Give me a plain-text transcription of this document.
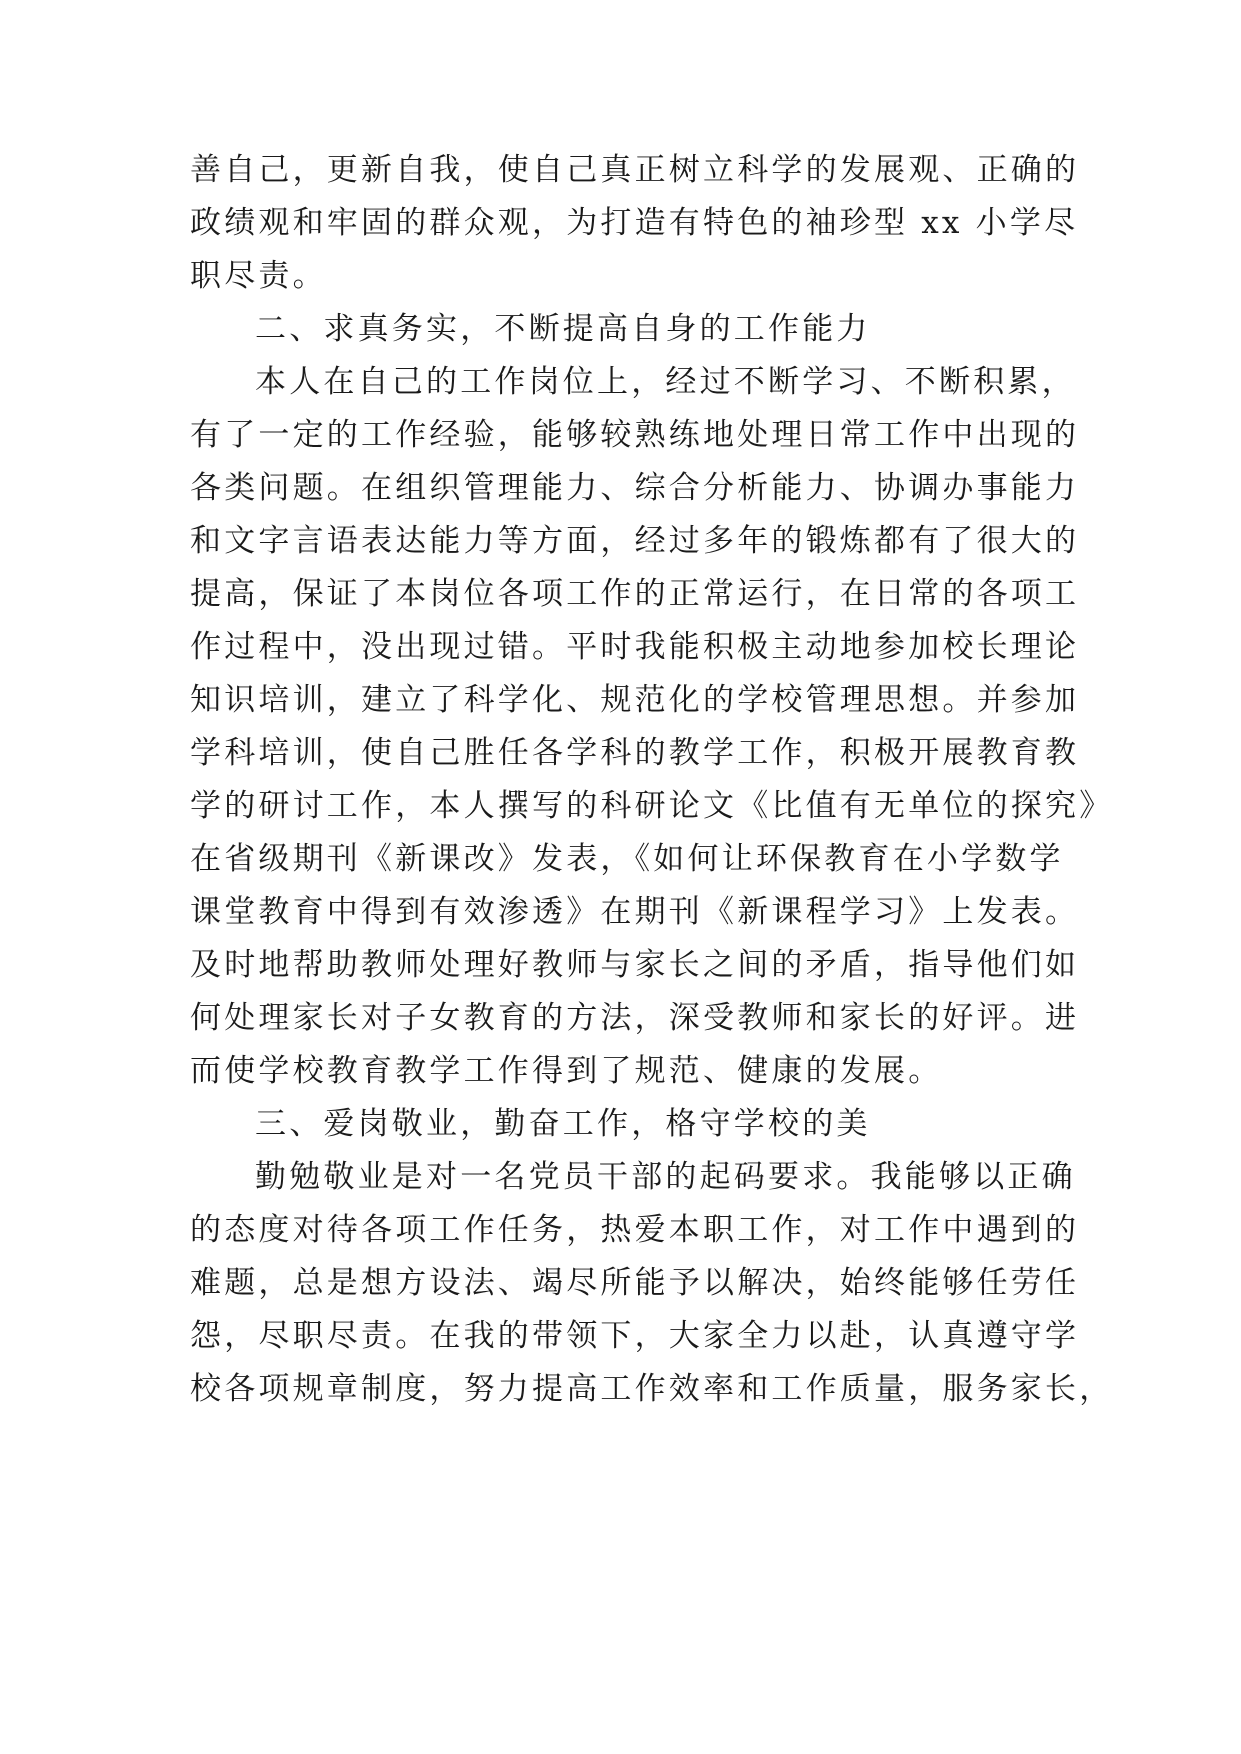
善自己，更新自我，使自己真正树立科学的发展观、正确的

政绩观和牢固的群众观，为打造有特色的袖珍型 xx 小学尽

职尽责。

二、求真务实，不断提高自身的工作能力

本人在自己的工作岗位上，经过不断学习、不断积累，

有了一定的工作经验，能够较熟练地处理日常工作中出现的

各类问题。在组织管理能力、综合分析能力、协调办事能力

和文字言语表达能力等方面，经过多年的锻炼都有了很大的

提高，保证了本岗位各项工作的正常运行，在日常的各项工

作过程中，没出现过错。平时我能积极主动地参加校长理论

知识培训，建立了科学化、规范化的学校管理思想。并参加

学科培训，使自己胜任各学科的教学工作，积极开展教育教

学的研讨工作，本人撰写的科研论文《比值有无单位的探究》

在省级期刊《新课改》发表，《如何让环保教育在小学数学

课堂教育中得到有效渗透》在期刊《新课程学习》上发表。

及时地帮助教师处理好教师与家长之间的矛盾，指导他们如

何处理家长对子女教育的方法，深受教师和家长的好评。进

而使学校教育教学工作得到了规范、健康的发展。

三、爱岗敬业，勤奋工作，格守学校的美

勤勉敬业是对一名党员干部的起码要求。我能够以正确

的态度对待各项工作任务，热爱本职工作，对工作中遇到的

难题，总是想方设法、竭尽所能予以解决，始终能够任劳任

怨，尽职尽责。在我的带领下，大家全力以赴，认真遵守学

校各项规章制度，努力提高工作效率和工作质量，服务家长，
